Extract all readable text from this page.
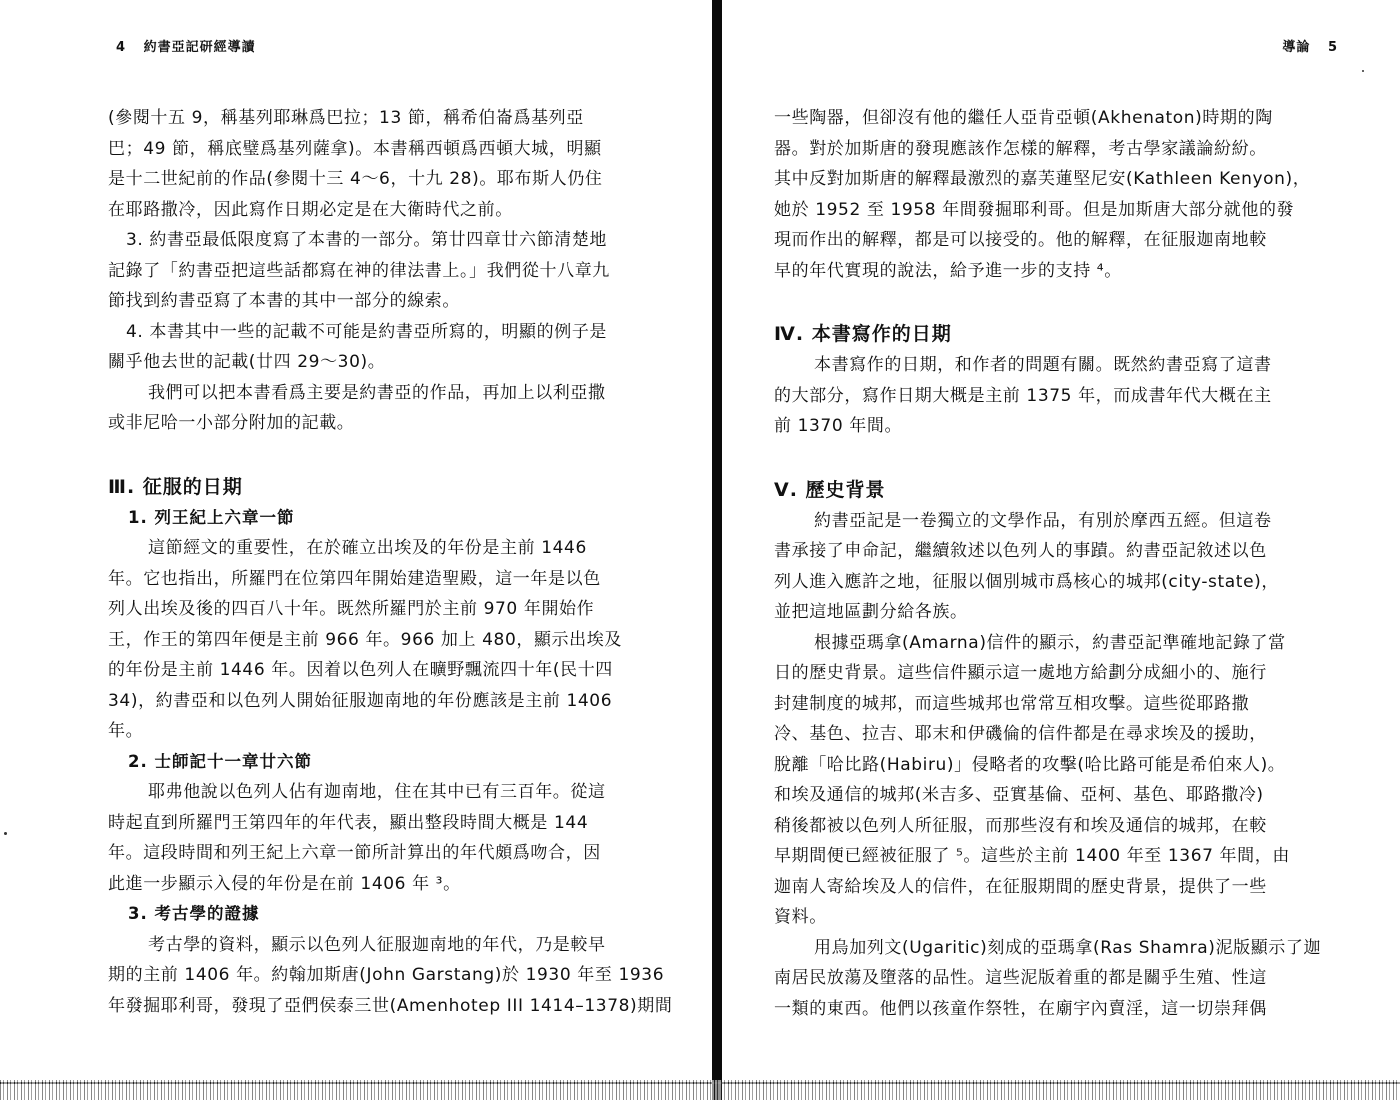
4 約書亞記研經導讀
(參閱十五 9，稱基列耶琳爲巴拉；13 節，稱希伯崙爲基列亞
巴；49 節，稱底璧爲基列薩拿)。本書稱西頓爲西頓大城，明顯
是十二世紀前的作品(參閱十三 4～6，十九 28)。耶布斯人仍住
在耶路撒冷，因此寫作日期必定是在大衛時代之前。
3. 約書亞最低限度寫了本書的一部分。第廿四章廿六節清楚地
記錄了「約書亞把這些話都寫在神的律法書上。」我們從十八章九
節找到約書亞寫了本書的其中一部分的線索。
4. 本書其中一些的記載不可能是約書亞所寫的，明顯的例子是
關乎他去世的記載(廿四 29～30)。
我們可以把本書看爲主要是約書亞的作品，再加上以利亞撒
或非尼哈一小部分附加的記載。
Ⅲ. 征服的日期
1. 列王紀上六章一節
這節經文的重要性，在於確立出埃及的年份是主前 1446
年。它也指出，所羅門在位第四年開始建造聖殿，這一年是以色
列人出埃及後的四百八十年。既然所羅門於主前 970 年開始作
王，作王的第四年便是主前 966 年。966 加上 480，顯示出埃及
的年份是主前 1446 年。因着以色列人在曠野飄流四十年(民十四
34)，約書亞和以色列人開始征服迦南地的年份應該是主前 1406
年。
2. 士師記十一章廿六節
耶弗他說以色列人佔有迦南地，住在其中已有三百年。從這
時起直到所羅門王第四年的年代表，顯出整段時間大概是 144
年。這段時間和列王紀上六章一節所計算出的年代頗爲吻合，因
此進一步顯示入侵的年份是在前 1406 年 ³。
3. 考古學的證據
考古學的資料，顯示以色列人征服迦南地的年代，乃是較早
期的主前 1406 年。約翰加斯唐(John Garstang)於 1930 年至 1936
年發掘耶利哥，發現了亞們侯泰三世(Amenhotep III 1414–1378)期間
導論 5
一些陶器，但卻沒有他的繼任人亞肯亞頓(Akhenaton)時期的陶
器。對於加斯唐的發現應該作怎樣的解釋，考古學家議論紛紛。
其中反對加斯唐的解釋最激烈的嘉芙蓮堅尼安(Kathleen Kenyon)，
她於 1952 至 1958 年間發掘耶利哥。但是加斯唐大部分就他的發
現而作出的解釋，都是可以接受的。他的解釋，在征服迦南地較
早的年代實現的說法，給予進一步的支持 ⁴。
Ⅳ. 本書寫作的日期
本書寫作的日期，和作者的問題有關。既然約書亞寫了這書
的大部分，寫作日期大概是主前 1375 年，而成書年代大概在主
前 1370 年間。
Ⅴ. 歷史背景
約書亞記是一卷獨立的文學作品，有別於摩西五經。但這卷
書承接了申命記，繼續敘述以色列人的事蹟。約書亞記敘述以色
列人進入應許之地，征服以個別城市爲核心的城邦(city-state)，
並把這地區劃分給各族。
根據亞瑪拿(Amarna)信件的顯示，約書亞記準確地記錄了當
日的歷史背景。這些信件顯示這一處地方給劃分成細小的、施行
封建制度的城邦，而這些城邦也常常互相攻擊。這些從耶路撒
冷、基色、拉吉、耶末和伊磯倫的信件都是在尋求埃及的援助，
脫離「哈比路(Habiru)」侵略者的攻擊(哈比路可能是希伯來人)。
和埃及通信的城邦(米吉多、亞實基倫、亞柯、基色、耶路撒冷)
稍後都被以色列人所征服，而那些沒有和埃及通信的城邦，在較
早期間便已經被征服了 ⁵。這些於主前 1400 年至 1367 年間，由
迦南人寄給埃及人的信件，在征服期間的歷史背景，提供了一些
資料。
用烏加列文(Ugaritic)刻成的亞瑪拿(Ras Shamra)泥版顯示了迦
南居民放蕩及墮落的品性。這些泥版着重的都是關乎生殖、性這
一類的東西。他們以孩童作祭牲，在廟宇內賣淫，這一切崇拜偶
